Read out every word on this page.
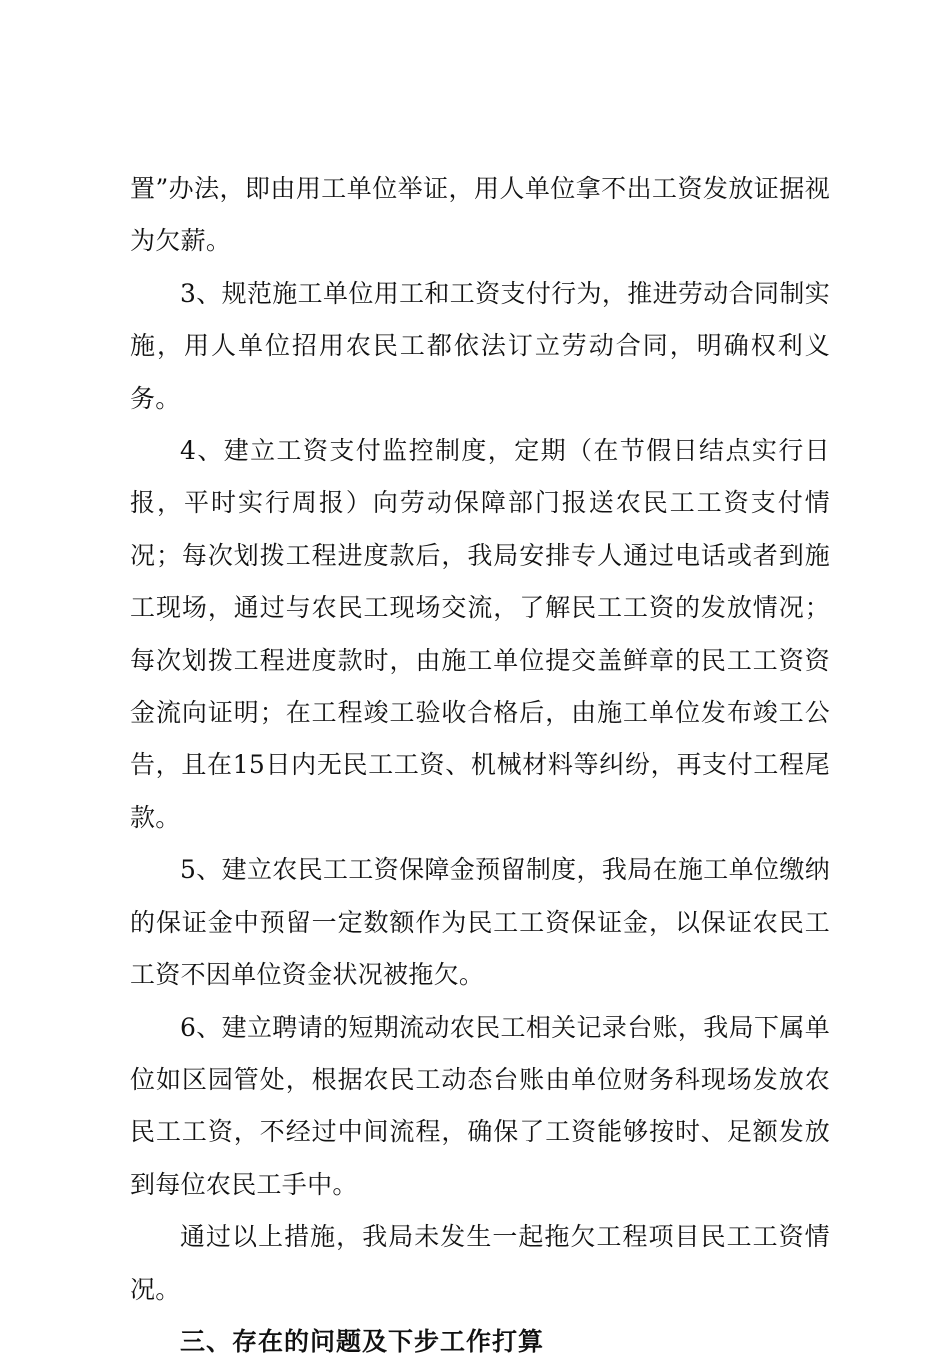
置”办法，即由用工单位举证，用人单位拿不出工资发放证据视为欠薪。

3、规范施工单位用工和工资支付行为，推进劳动合同制实施，用人单位招用农民工都依法订立劳动合同，明确权利义务。

4、建立工资支付监控制度，定期（在节假日结点实行日报，平时实行周报）向劳动保障部门报送农民工工资支付情况；每次划拨工程进度款后，我局安排专人通过电话或者到施工现场，通过与农民工现场交流，了解民工工资的发放情况；每次划拨工程进度款时，由施工单位提交盖鲜章的民工工资资金流向证明；在工程竣工验收合格后，由施工单位发布竣工公告，且在15日内无民工工资、机械材料等纠纷，再支付工程尾款。

5、建立农民工工资保障金预留制度，我局在施工单位缴纳的保证金中预留一定数额作为民工工资保证金，以保证农民工工资不因单位资金状况被拖欠。

6、建立聘请的短期流动农民工相关记录台账，我局下属单位如区园管处，根据农民工动态台账由单位财务科现场发放农民工工资，不经过中间流程，确保了工资能够按时、足额发放到每位农民工手中。

通过以上措施，我局未发生一起拖欠工程项目民工工资情况。

三、存在的问题及下步工作打算
